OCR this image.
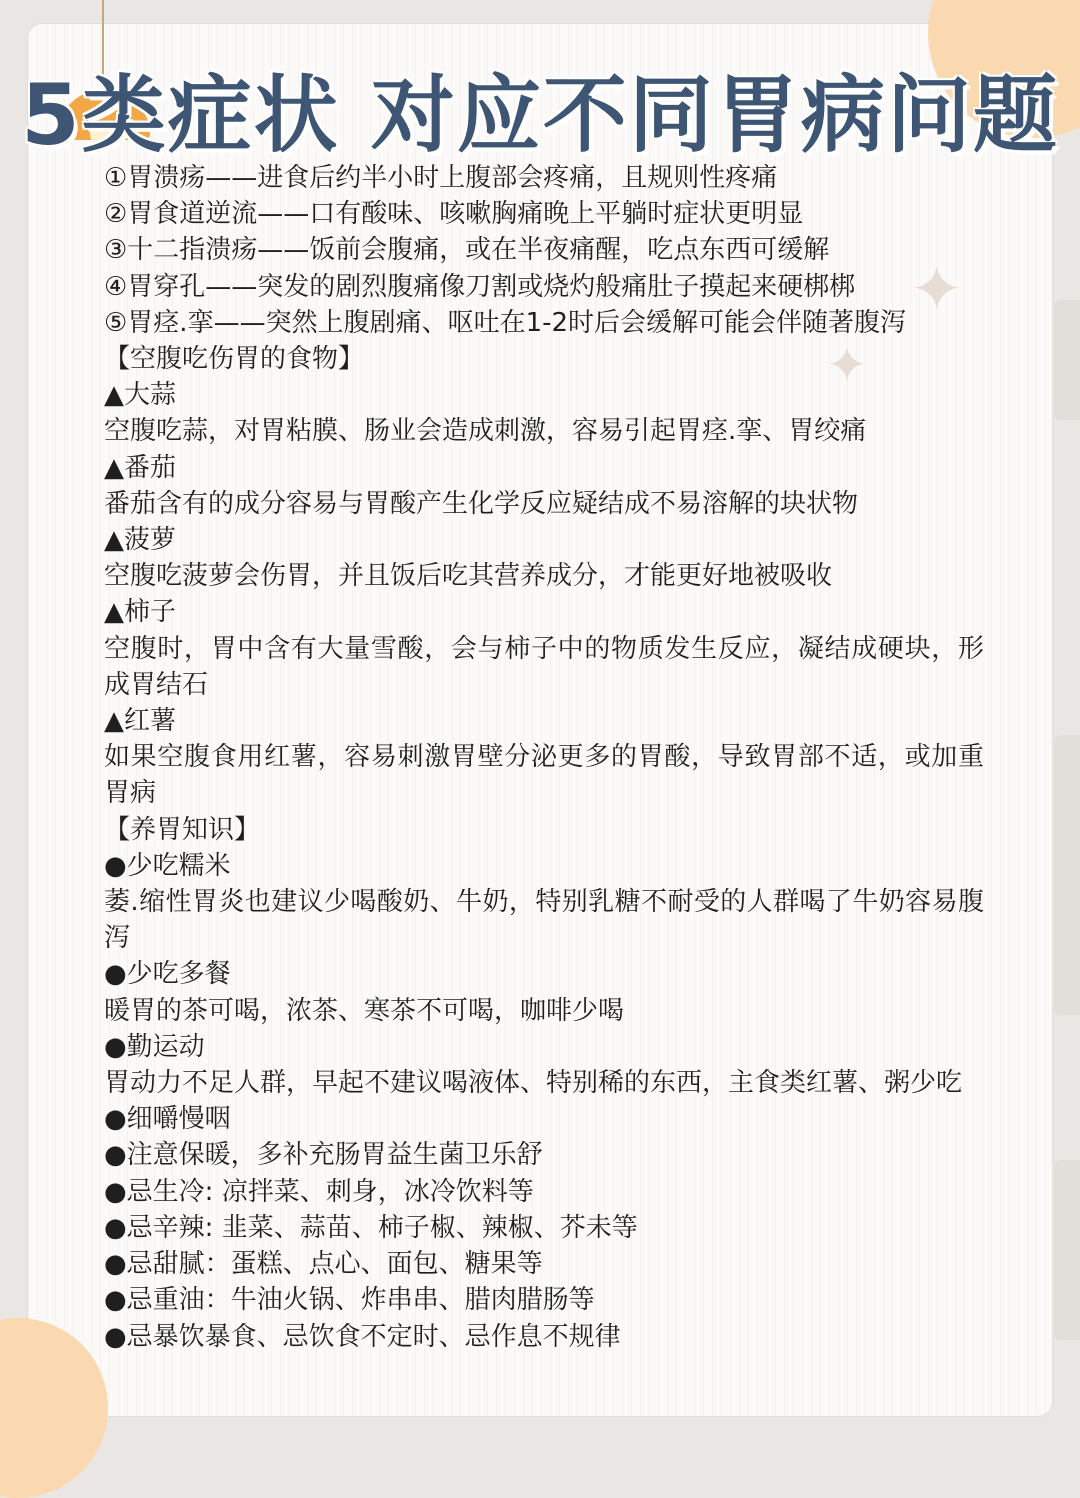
✦
✦
5类症状 对应不同胃病问题
①胃溃疡——进食后约半小时上腹部会疼痛，且规则性疼痛
②胃食道逆流——口有酸味、咳嗽胸痛晚上平躺时症状更明显
③十二指溃疡——饭前会腹痛，或在半夜痛醒，吃点东西可缓解
④胃穿孔——突发的剧烈腹痛像刀割或烧灼般痛肚子摸起来硬梆梆
⑤胃痉.挛——突然上腹剧痛、呕吐在1-2时后会缓解可能会伴随著腹泻
【空腹吃伤胃的食物】
▲大蒜
空腹吃蒜，对胃粘膜、肠业会造成刺激，容易引起胃痉.挛、胃绞痛
▲番茄
番茄含有的成分容易与胃酸产生化学反应疑结成不易溶解的块状物
▲菠萝
空腹吃菠萝会伤胃，并且饭后吃其营养成分，才能更好地被吸收
▲柿子
空腹时，胃中含有大量雪酸，会与柿子中的物质发生反应，凝结成硬块，形成胃结石
▲红薯
如果空腹食用红薯，容易刺激胃壁分泌更多的胃酸，导致胃部不适，或加重胃病
【养胃知识】
●少吃糯米
萎.缩性胃炎也建议少喝酸奶、牛奶，特别乳糖不耐受的人群喝了牛奶容易腹泻
●少吃多餐
暖胃的茶可喝，浓茶、寒茶不可喝，咖啡少喝
●勤运动
胃动力不足人群，早起不建议喝液体、特别稀的东西，主食类红薯、粥少吃
●细嚼慢咽
●注意保暖，多补充肠胃益生菌卫乐舒
●忌生冷: 凉拌菜、刺身，冰冷饮料等
●忌辛辣: 韭菜、蒜苗、柿子椒、辣椒、芥未等
●忌甜腻：蛋糕、点心、面包、糖果等
●忌重油：牛油火锅、炸串串、腊肉腊肠等
●忌暴饮暴食、忌饮食不定时、忌作息不规律
